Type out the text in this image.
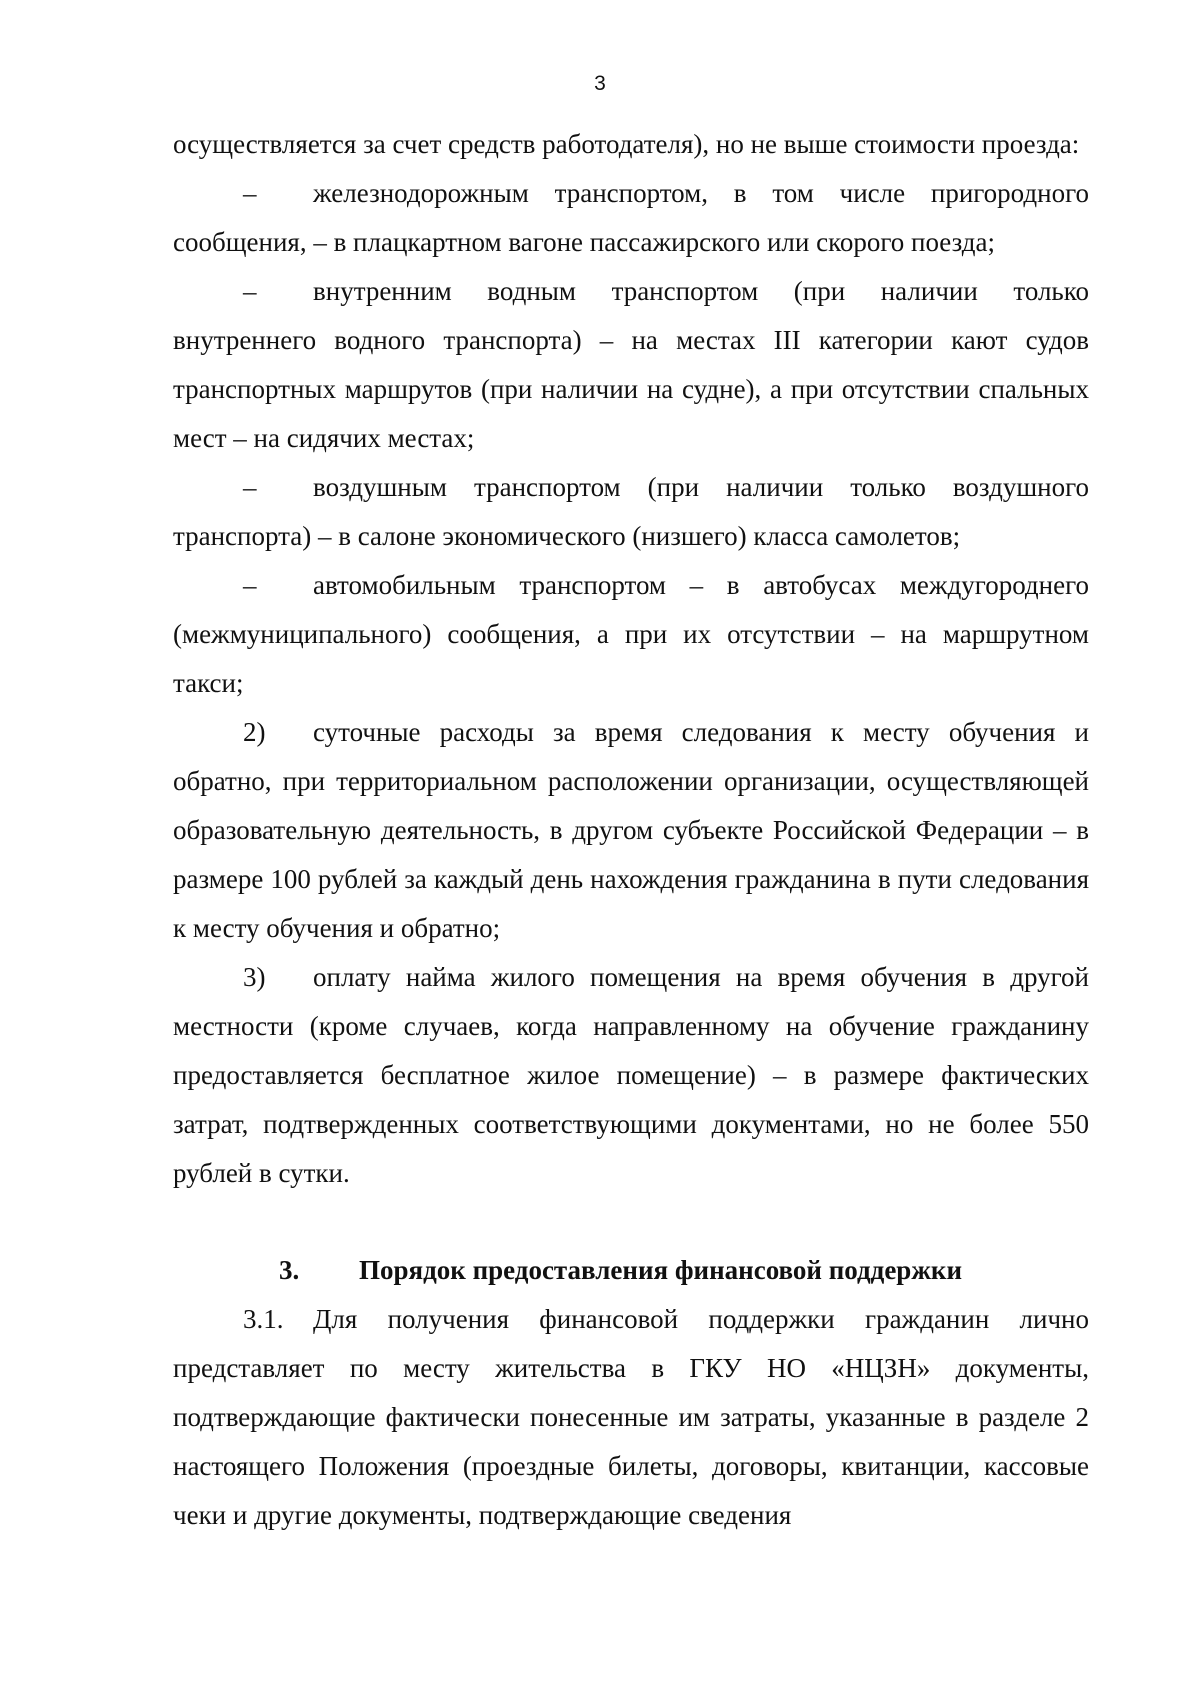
3

осуществляется за счет средств работодателя), но не выше стоимости проезда:

– железнодорожным транспортом, в том числе пригородного сообщения, – в плацкартном вагоне пассажирского или скорого поезда;

– внутренним водным транспортом (при наличии только внутреннего водного транспорта) – на местах III категории кают судов транспортных маршрутов (при наличии на судне), а при отсутствии спальных мест – на сидячих местах;

– воздушным транспортом (при наличии только воздушного транспорта) – в салоне экономического (низшего) класса самолетов;

– автомобильным транспортом – в автобусах междугороднего (межмуниципального) сообщения, а при их отсутствии – на маршрутном такси;

2) суточные расходы за время следования к месту обучения и обратно, при территориальном расположении организации, осуществляющей образовательную деятельность, в другом субъекте Российской Федерации – в размере 100 рублей за каждый день нахождения гражданина в пути следования к месту обучения и обратно;

3) оплату найма жилого помещения на время обучения в другой местности (кроме случаев, когда направленному на обучение гражданину предоставляется бесплатное жилое помещение) – в размере фактических затрат, подтвержденных соответствующими документами, но не более 550 рублей в сутки.

3. Порядок предоставления финансовой поддержки

3.1. Для получения финансовой поддержки гражданин лично представляет по месту жительства в ГКУ НО «НЦЗН» документы, подтверждающие фактически понесенные им затраты, указанные в разделе 2 настоящего Положения (проездные билеты, договоры, квитанции, кассовые чеки и другие документы, подтверждающие сведения
